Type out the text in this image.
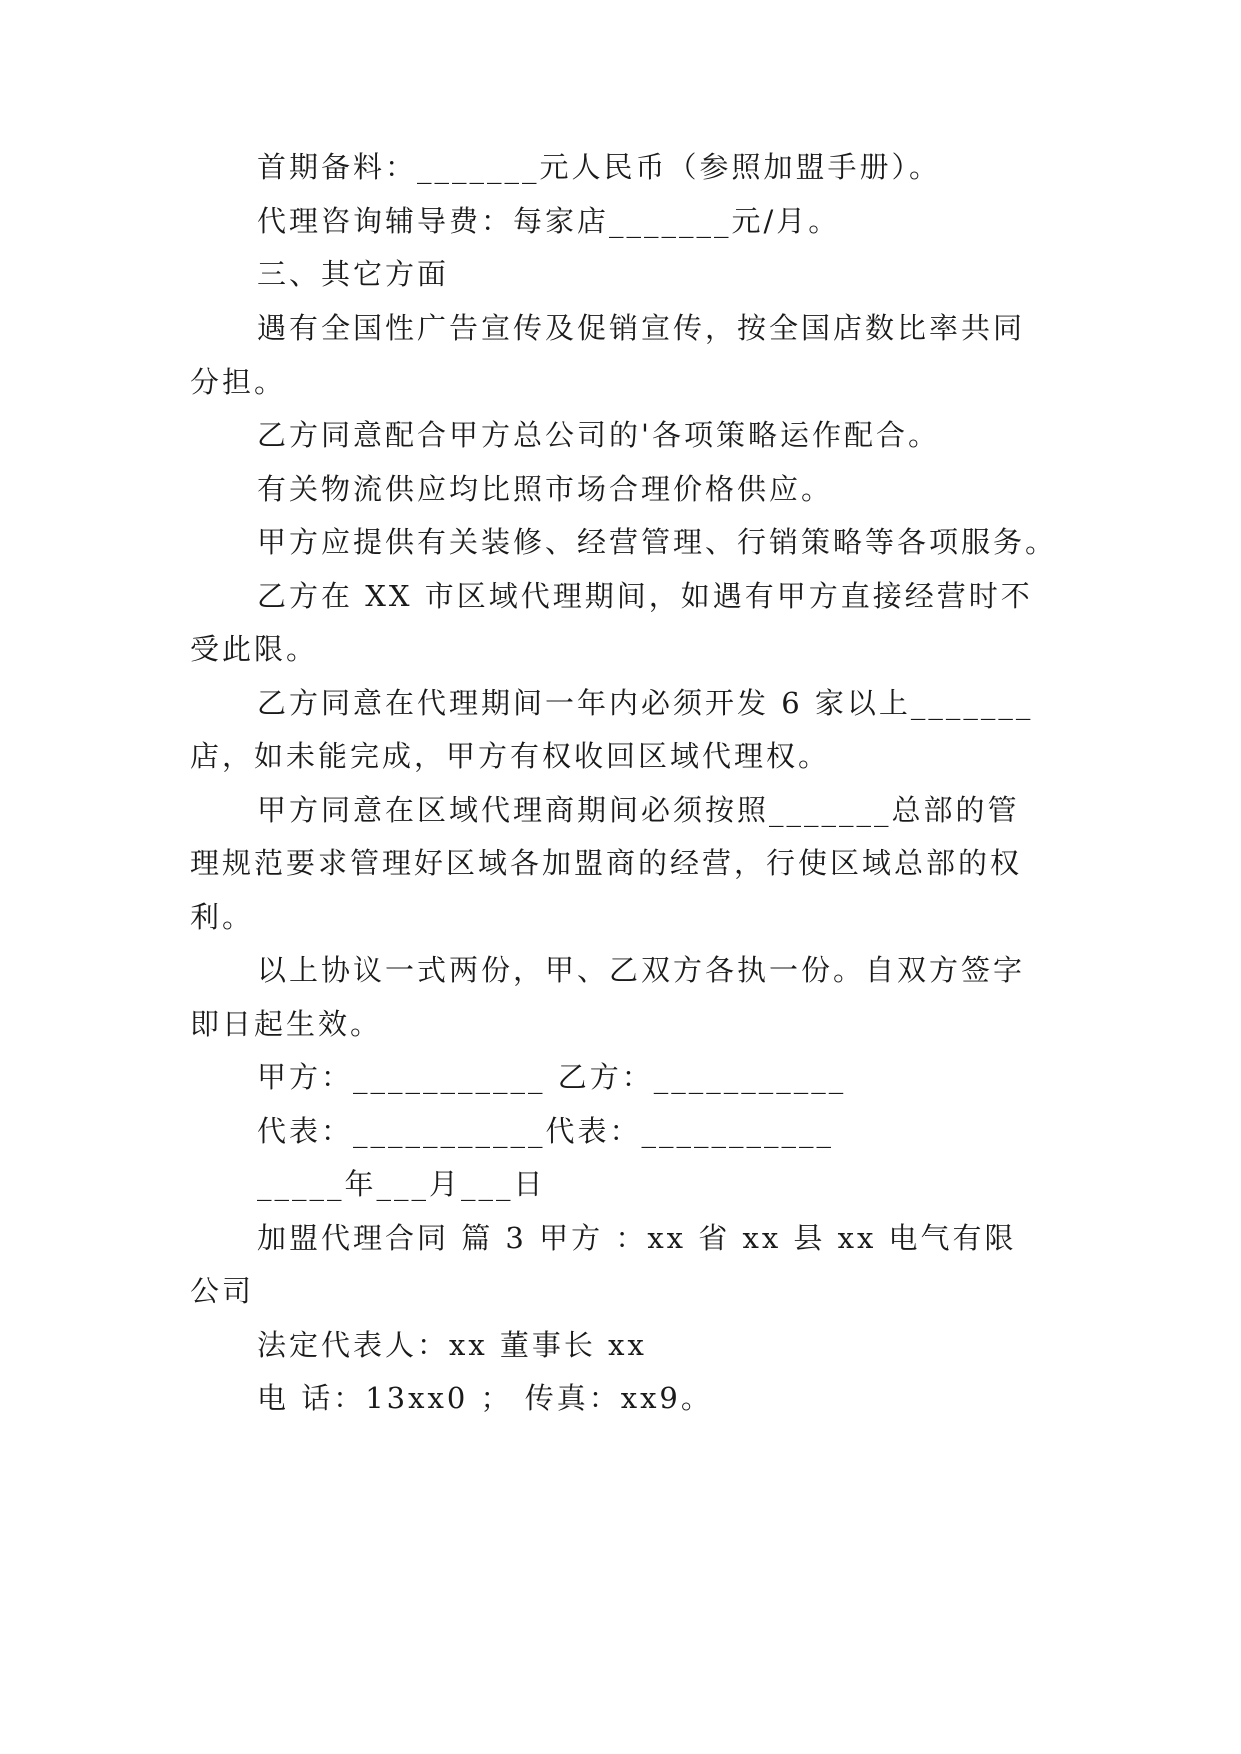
首期备料：_______元人民币（参照加盟手册）。
代理咨询辅导费：每家店_______元/月。
三、其它方面
遇有全国性广告宣传及促销宣传，按全国店数比率共同
分担。
乙方同意配合甲方总公司的'各项策略运作配合。
有关物流供应均比照市场合理价格供应。
甲方应提供有关装修、经营管理、行销策略等各项服务。
乙方在 XX 市区域代理期间，如遇有甲方直接经营时不
受此限。
乙方同意在代理期间一年内必须开发 6 家以上_______
店，如未能完成，甲方有权收回区域代理权。
甲方同意在区域代理商期间必须按照_______总部的管
理规范要求管理好区域各加盟商的经营，行使区域总部的权
利。
以上协议一式两份，甲、乙双方各执一份。自双方签字
即日起生效。
甲方：___________ 乙方：___________
代表：___________代表：___________
_____年___月___日
加盟代理合同 篇 3 甲方 ：xx 省 xx 县 xx 电气有限
公司
法定代表人：xx 董事长 xx
电 话：13xx0 ； 传真：xx9。
